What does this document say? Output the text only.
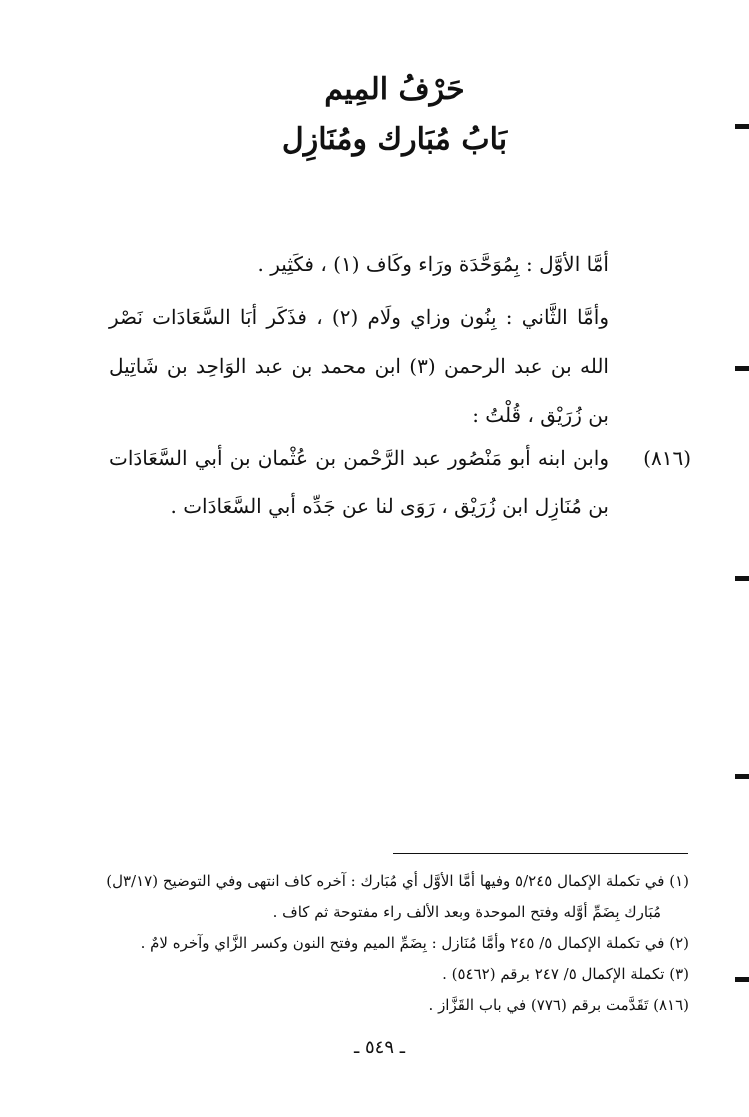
حَرْفُ المِيم
بَابُ مُبَارك ومُنَازِل
أمَّا الأوَّل : بِمُوَحَّدَة ورَاء وكَاف (١) ، فكَثِير .
وأمَّا الثَّاني : بِنُون وزاي ولَام (٢) ، فذَكَر أبَا السَّعَادَات نَصْر الله بن عبد الرحمن (٣) ابن محمد بن عبد الوَاحِد بن شَاتِيل بن زُرَيْق ، قُلْتُ :
(٨١٦)
وابن ابنه أبو مَنْصُور عبد الرَّحْمن بن عُثْمان بن أبي السَّعَادَات بن مُنَازِل ابن زُرَيْق ، رَوَى لنا عن جَدِّه أبي السَّعَادَات .
(١) في تكملة الإكمال ٥/٢٤٥ وفيها أمَّا الأوَّل أي مُبَارك : آخره كاف انتهى وفي التوضيح (٣/١٧ل)
مُبَارك بِضَمِّ أوَّله وفتح الموحدة وبعد الألف راء مفتوحة ثم كاف .
(٢) في تكملة الإكمال ٥/ ٢٤٥ وأمَّا مُنَازل : بِضَمِّ الميم وفتح النون وكسر الزَّاي وآخره لامٌ .
(٣) تكملة الإكمال ٥/ ٢٤٧ برقم (٥٤٦٢) .
(٨١٦) تَقَدَّمت برقم (٧٧٦) في باب القَزَّاز .
ـ ٥٤٩ ـ
